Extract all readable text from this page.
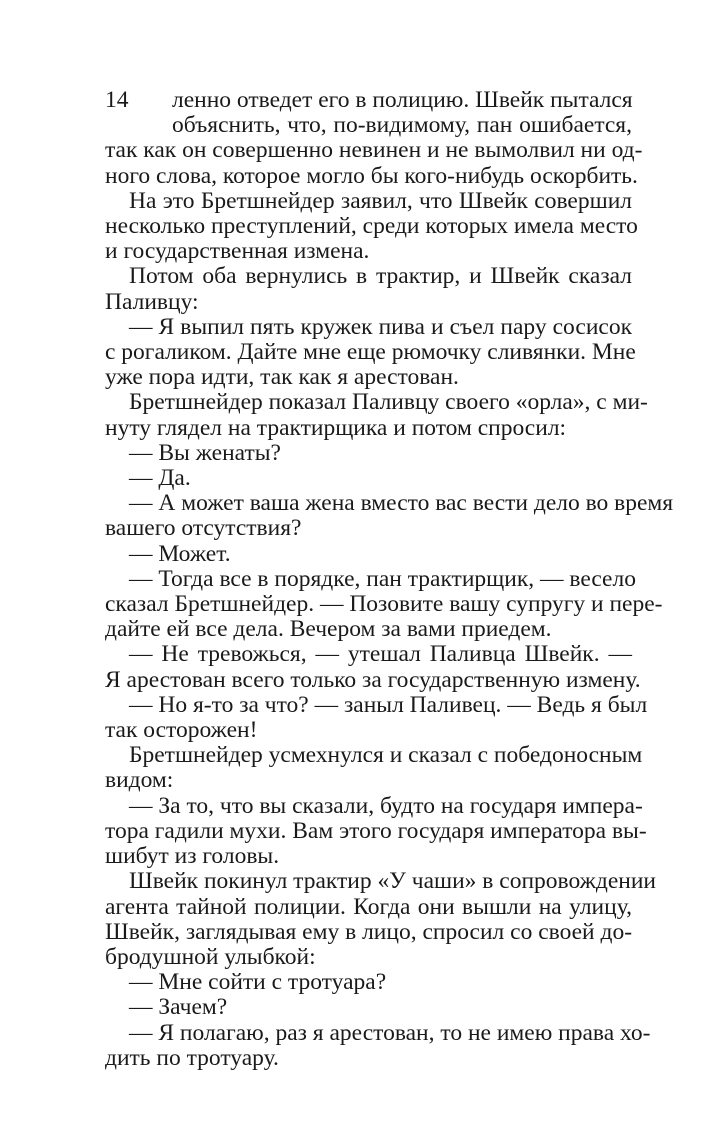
14	ленно отведет его в полицию. Швейк пытался
объяснить, что, по-видимому, пан ошибается,
так как он совершенно невинен и не вымолвил ни од-
ного слова, которое могло бы кого-нибудь оскорбить.
На это Бретшнейдер заявил, что Швейк совершил
несколько преступлений, среди которых имела место
и государственная измена.
Потом оба вернулись в трактир, и Швейк сказал
Паливцу:
— Я выпил пять кружек пива и съел пару сосисок
с рогаликом. Дайте мне еще рюмочку сливянки. Мне
уже пора идти, так как я арестован.
Бретшнейдер показал Паливцу своего «орла», с ми-
нуту глядел на трактирщика и потом спросил:
— Вы женаты?
— Да.
— А может ваша жена вместо вас вести дело во время
вашего отсутствия?
— Может.
— Тогда все в порядке, пан трактирщик, — весело
сказал Бретшнейдер. — Позовите вашу супругу и пере-
дайте ей все дела. Вечером за вами приедем.
— Не тревожься, — утешал Паливца Швейк. —
Я арестован всего только за государственную измену.
— Но я-то за что? — заныл Паливец. — Ведь я был
так осторожен!
Бретшнейдер усмехнулся и сказал с победоносным
видом:
— За то, что вы сказали, будто на государя импера-
тора гадили мухи. Вам этого государя императора вы-
шибут из головы.
Швейк покинул трактир «У чаши» в сопровождении
агента тайной полиции. Когда они вышли на улицу,
Швейк, заглядывая ему в лицо, спросил со своей до-
бродушной улыбкой:
— Мне сойти с тротуара?
— Зачем?
— Я полагаю, раз я арестован, то не имею права хо-
дить по тротуару.
